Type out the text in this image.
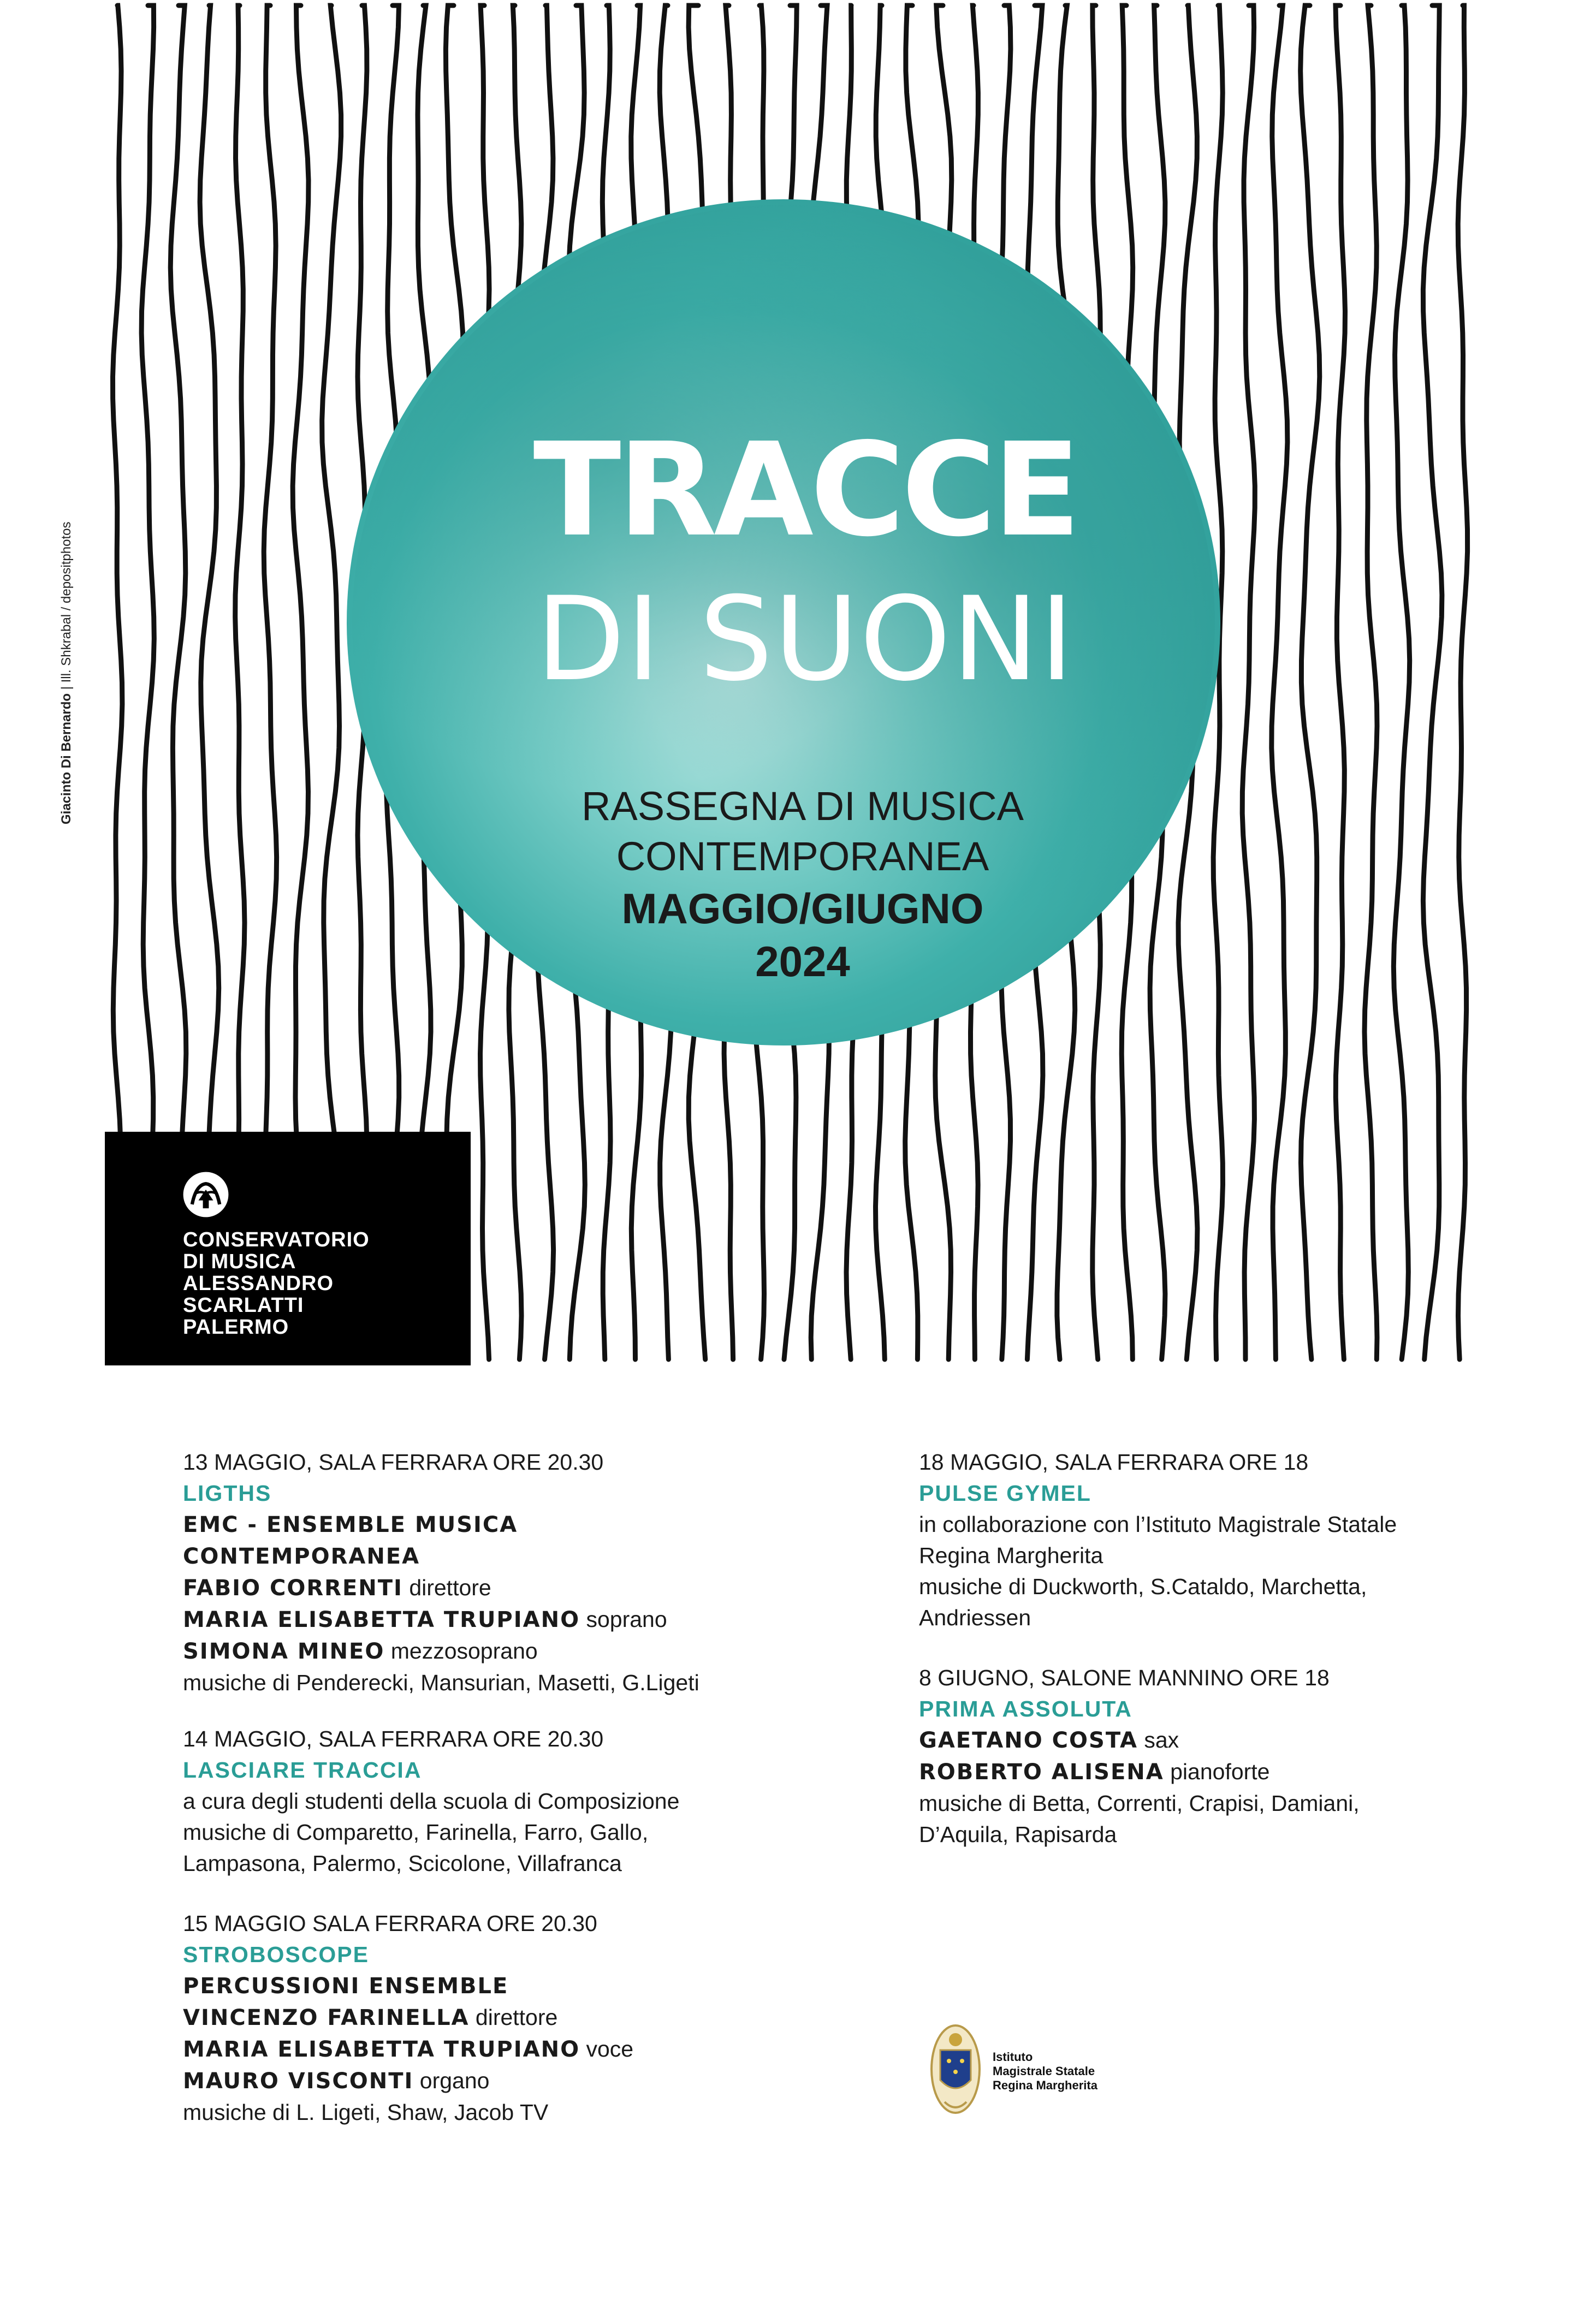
TRACCE
DI SUONI
RASSEGNA DI MUSICA
CONTEMPORANEA
MAGGIO/GIUGNO
2024
Giacinto Di Bernardo | Ill. Shkrabal / depositphotos
CONSERVATORIO
DI MUSICA
ALESSANDRO
SCARLATTI
PALERMO
13 MAGGIO, SALA FERRARA ORE 20.30
LIGTHS
EMC - ENSEMBLE MUSICA
CONTEMPORANEA
FABIO CORRENTI direttore
MARIA ELISABETTA TRUPIANO soprano
SIMONA MINEO mezzosoprano
musiche di Penderecki, Mansurian, Masetti, G.Ligeti
14 MAGGIO, SALA FERRARA ORE 20.30
LASCIARE TRACCIA
a cura degli studenti della scuola di Composizione
musiche di Comparetto, Farinella, Farro, Gallo,
Lampasona, Palermo, Scicolone, Villafranca
15 MAGGIO SALA FERRARA ORE 20.30
STROBOSCOPE
PERCUSSIONI ENSEMBLE
VINCENZO FARINELLA direttore
MARIA ELISABETTA TRUPIANO voce
MAURO VISCONTI organo
musiche di L. Ligeti, Shaw, Jacob TV
18 MAGGIO, SALA FERRARA ORE 18
PULSE GYMEL
in collaborazione con l’Istituto Magistrale Statale
Regina Margherita
musiche di Duckworth, S.Cataldo, Marchetta,
Andriessen
8 GIUGNO, SALONE MANNINO ORE 18
PRIMA ASSOLUTA
GAETANO COSTA sax
ROBERTO ALISENA pianoforte
musiche di Betta, Correnti, Crapisi, Damiani,
D’Aquila, Rapisarda
Istituto
Magistrale Statale
Regina Margherita
